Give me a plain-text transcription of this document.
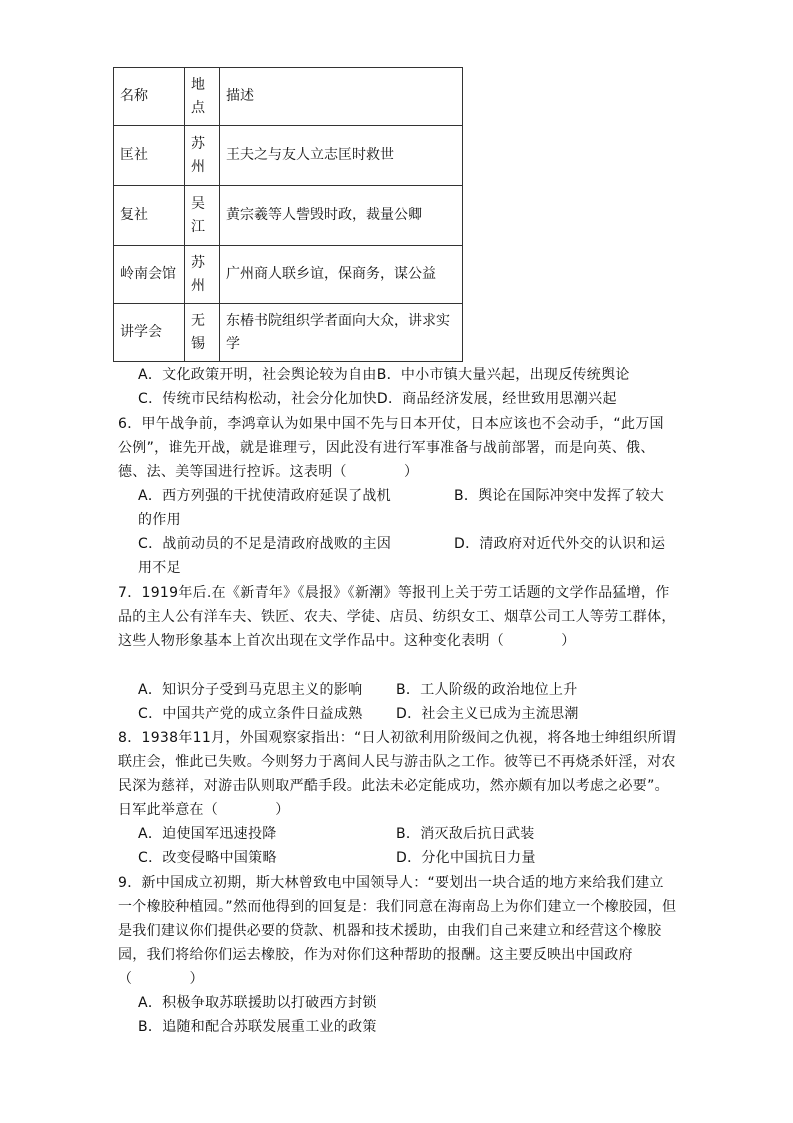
名称	地点	描述
匡社	苏州	王夫之与友人立志匡时救世
复社	吴江	黄宗羲等人訾毁时政，裁量公卿
岭南会馆	苏州	广州商人联乡谊，保商务，谋公益
讲学会	无锡	东椿书院组织学者面向大众，讲求实学
A．文化政策开明，社会舆论较为自由B．中小市镇大量兴起，出现反传统舆论
C．传统市民结构松动，社会分化加快D．商品经济发展，经世致用思潮兴起
6．甲午战争前，李鸿章认为如果中国不先与日本开仗，日本应该也不会动手，“此万国公例”，谁先开战，就是谁理亏，因此没有进行军事准备与战前部署，而是向英、俄、德、法、美等国进行控诉。这表明（　　　　）
A．西方列强的干扰使清政府延误了战机	B．舆论在国际冲突中发挥了较大的作用
C．战前动员的不足是清政府战败的主因	D．清政府对近代外交的认识和运用不足
7．1919年后.在《新青年》《晨报》《新潮》等报刊上关于劳工话题的文学作品猛增，作品的主人公有洋车夫、铁匠、农夫、学徒、店员、纺织女工、烟草公司工人等劳工群体，这些人物形象基本上首次出现在文学作品中。这种变化表明（　　　　）
A．知识分子受到马克思主义的影响 B．工人阶级的政治地位上升
C．中国共产党的成立条件日益成熟 D．社会主义已成为主流思潮
8．1938年11月，外国观察家指出：“日人初欲利用阶级间之仇视，将各地士绅组织所谓联庄会，惟此已失败。今则努力于离间人民与游击队之工作。彼等已不再烧杀奸淫，对农民深为慈祥，对游击队则取严酷手段。此法未必定能成功，然亦颇有加以考虑之必要”。日军此举意在（　　　　）
A．迫使国军迅速投降	B．消灭敌后抗日武装
C．改变侵略中国策略	D．分化中国抗日力量
9．新中国成立初期，斯大林曾致电中国领导人：“要划出一块合适的地方来给我们建立一个橡胶种植园。”然而他得到的回复是：我们同意在海南岛上为你们建立一个橡胶园，但是我们建议你们提供必要的贷款、机器和技术援助，由我们自己来建立和经营这个橡胶园，我们将给你们运去橡胶，作为对你们这种帮助的报酬。这主要反映出中国政府（　　　　）
A．积极争取苏联援助以打破西方封锁
B．追随和配合苏联发展重工业的政策
